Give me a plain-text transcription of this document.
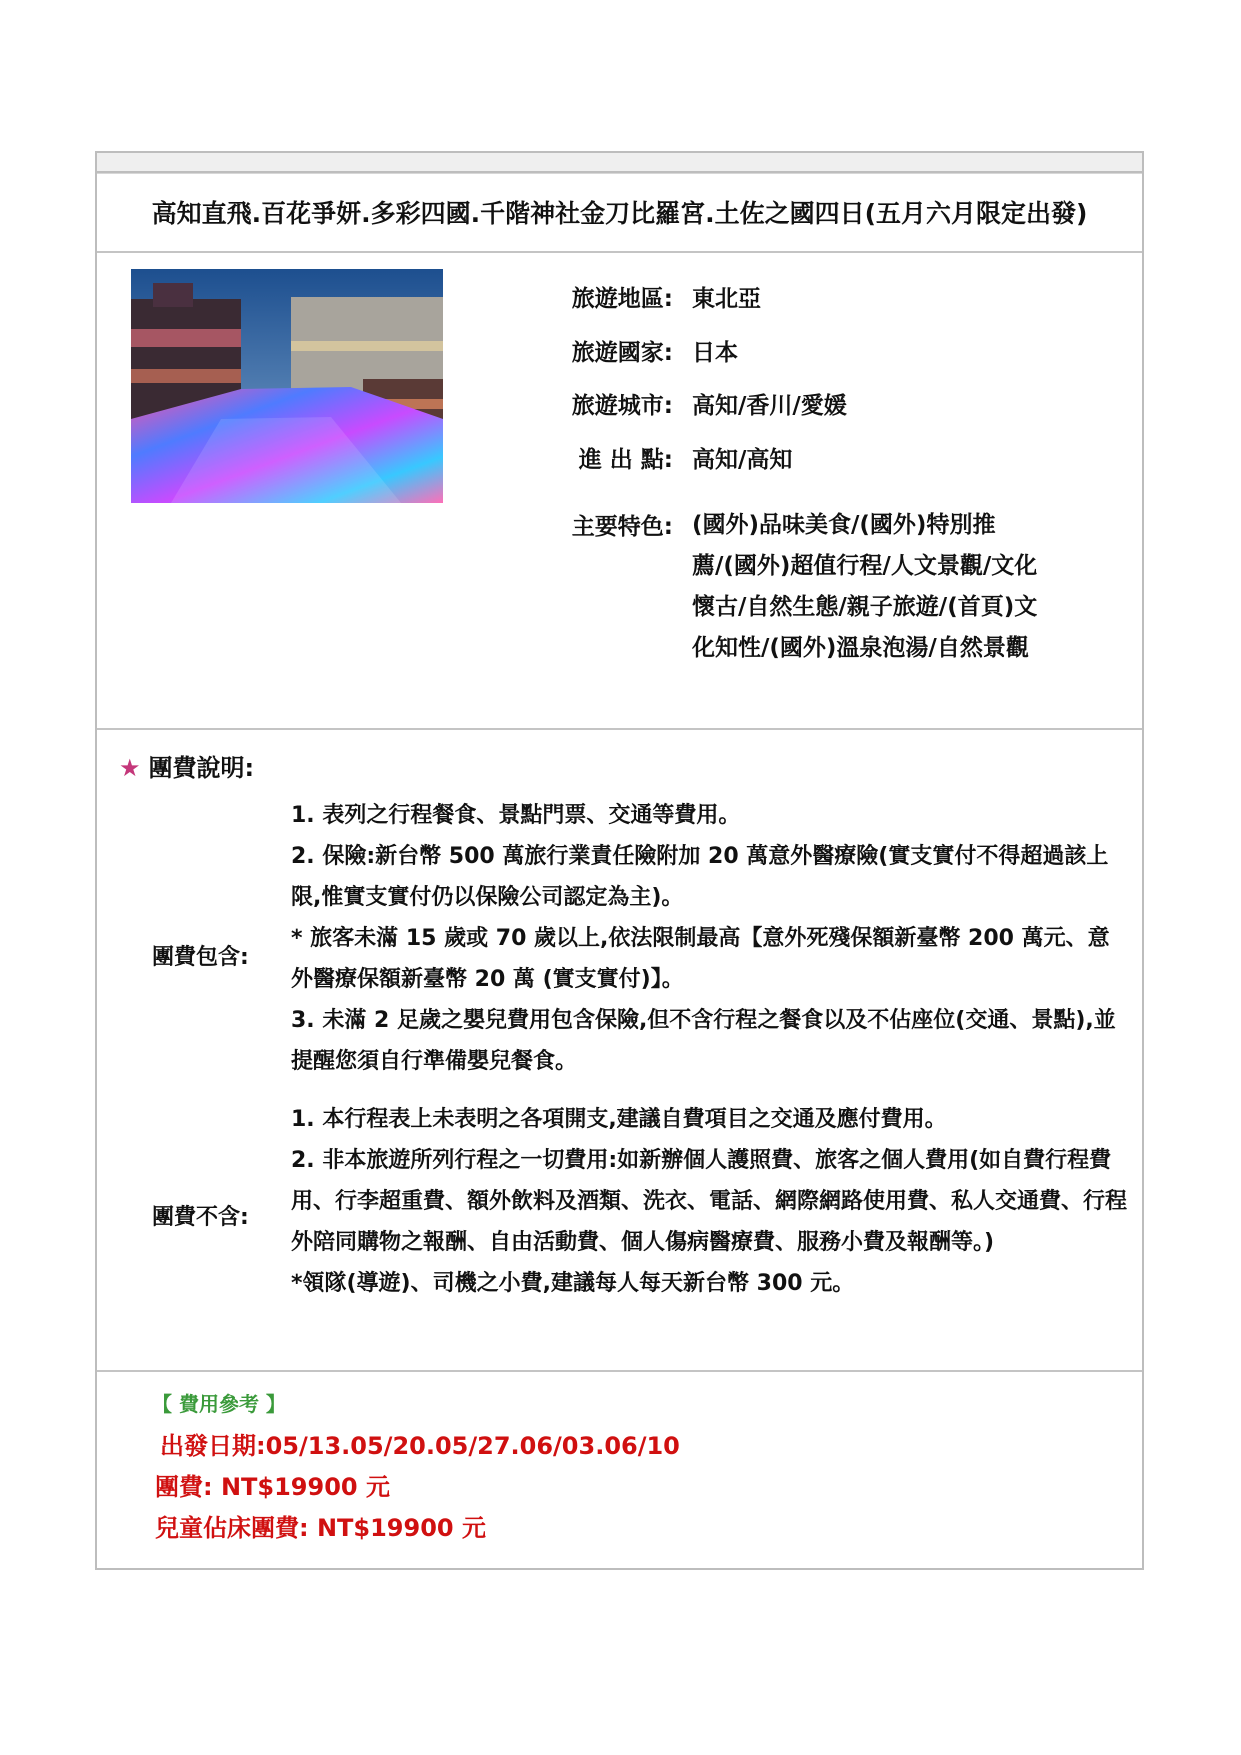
高知直飛.百花爭妍.多彩四國.千階神社金刀比羅宮.土佐之國四日(五月六月限定出發)
旅遊地區: 東北亞
旅遊國家: 日本
旅遊城市: 高知/香川/愛媛
進 出 點: 高知/高知
主要特色: (國外)品味美食/(國外)特別推薦/(國外)超值行程/人文景觀/文化懷古/自然生態/親子旅遊/(首頁)文化知性/(國外)溫泉泡湯/自然景觀
★ 團費說明:
團費包含:

1. 表列之行程餐食、景點門票、交通等費用。

2. 保險:新台幣 500 萬旅行業責任險附加 20 萬意外醫療險(實支實付不得超過該上限,惟實支實付仍以保險公司認定為主)。

* 旅客未滿 15 歲或 70 歲以上,依法限制最高【意外死殘保額新臺幣 200 萬元、意外醫療保額新臺幣 20 萬 (實支實付)】。

3. 未滿 2 足歲之嬰兒費用包含保險,但不含行程之餐食以及不佔座位(交通、景點),並提醒您須自行準備嬰兒餐食。

團費不含:

1. 本行程表上未表明之各項開支,建議自費項目之交通及應付費用。

2. 非本旅遊所列行程之一切費用:如新辦個人護照費、旅客之個人費用(如自費行程費用、行李超重費、額外飲料及酒類、洗衣、電話、網際網路使用費、私人交通費、行程外陪同購物之報酬、自由活動費、個人傷病醫療費、服務小費及報酬等。)

*領隊(導遊)、司機之小費,建議每人每天新台幣 300 元。

【 費用參考 】
出發日期:05/13.05/20.05/27.06/03.06/10
團費: NT$19900 元
兒童佔床團費: NT$19900 元
